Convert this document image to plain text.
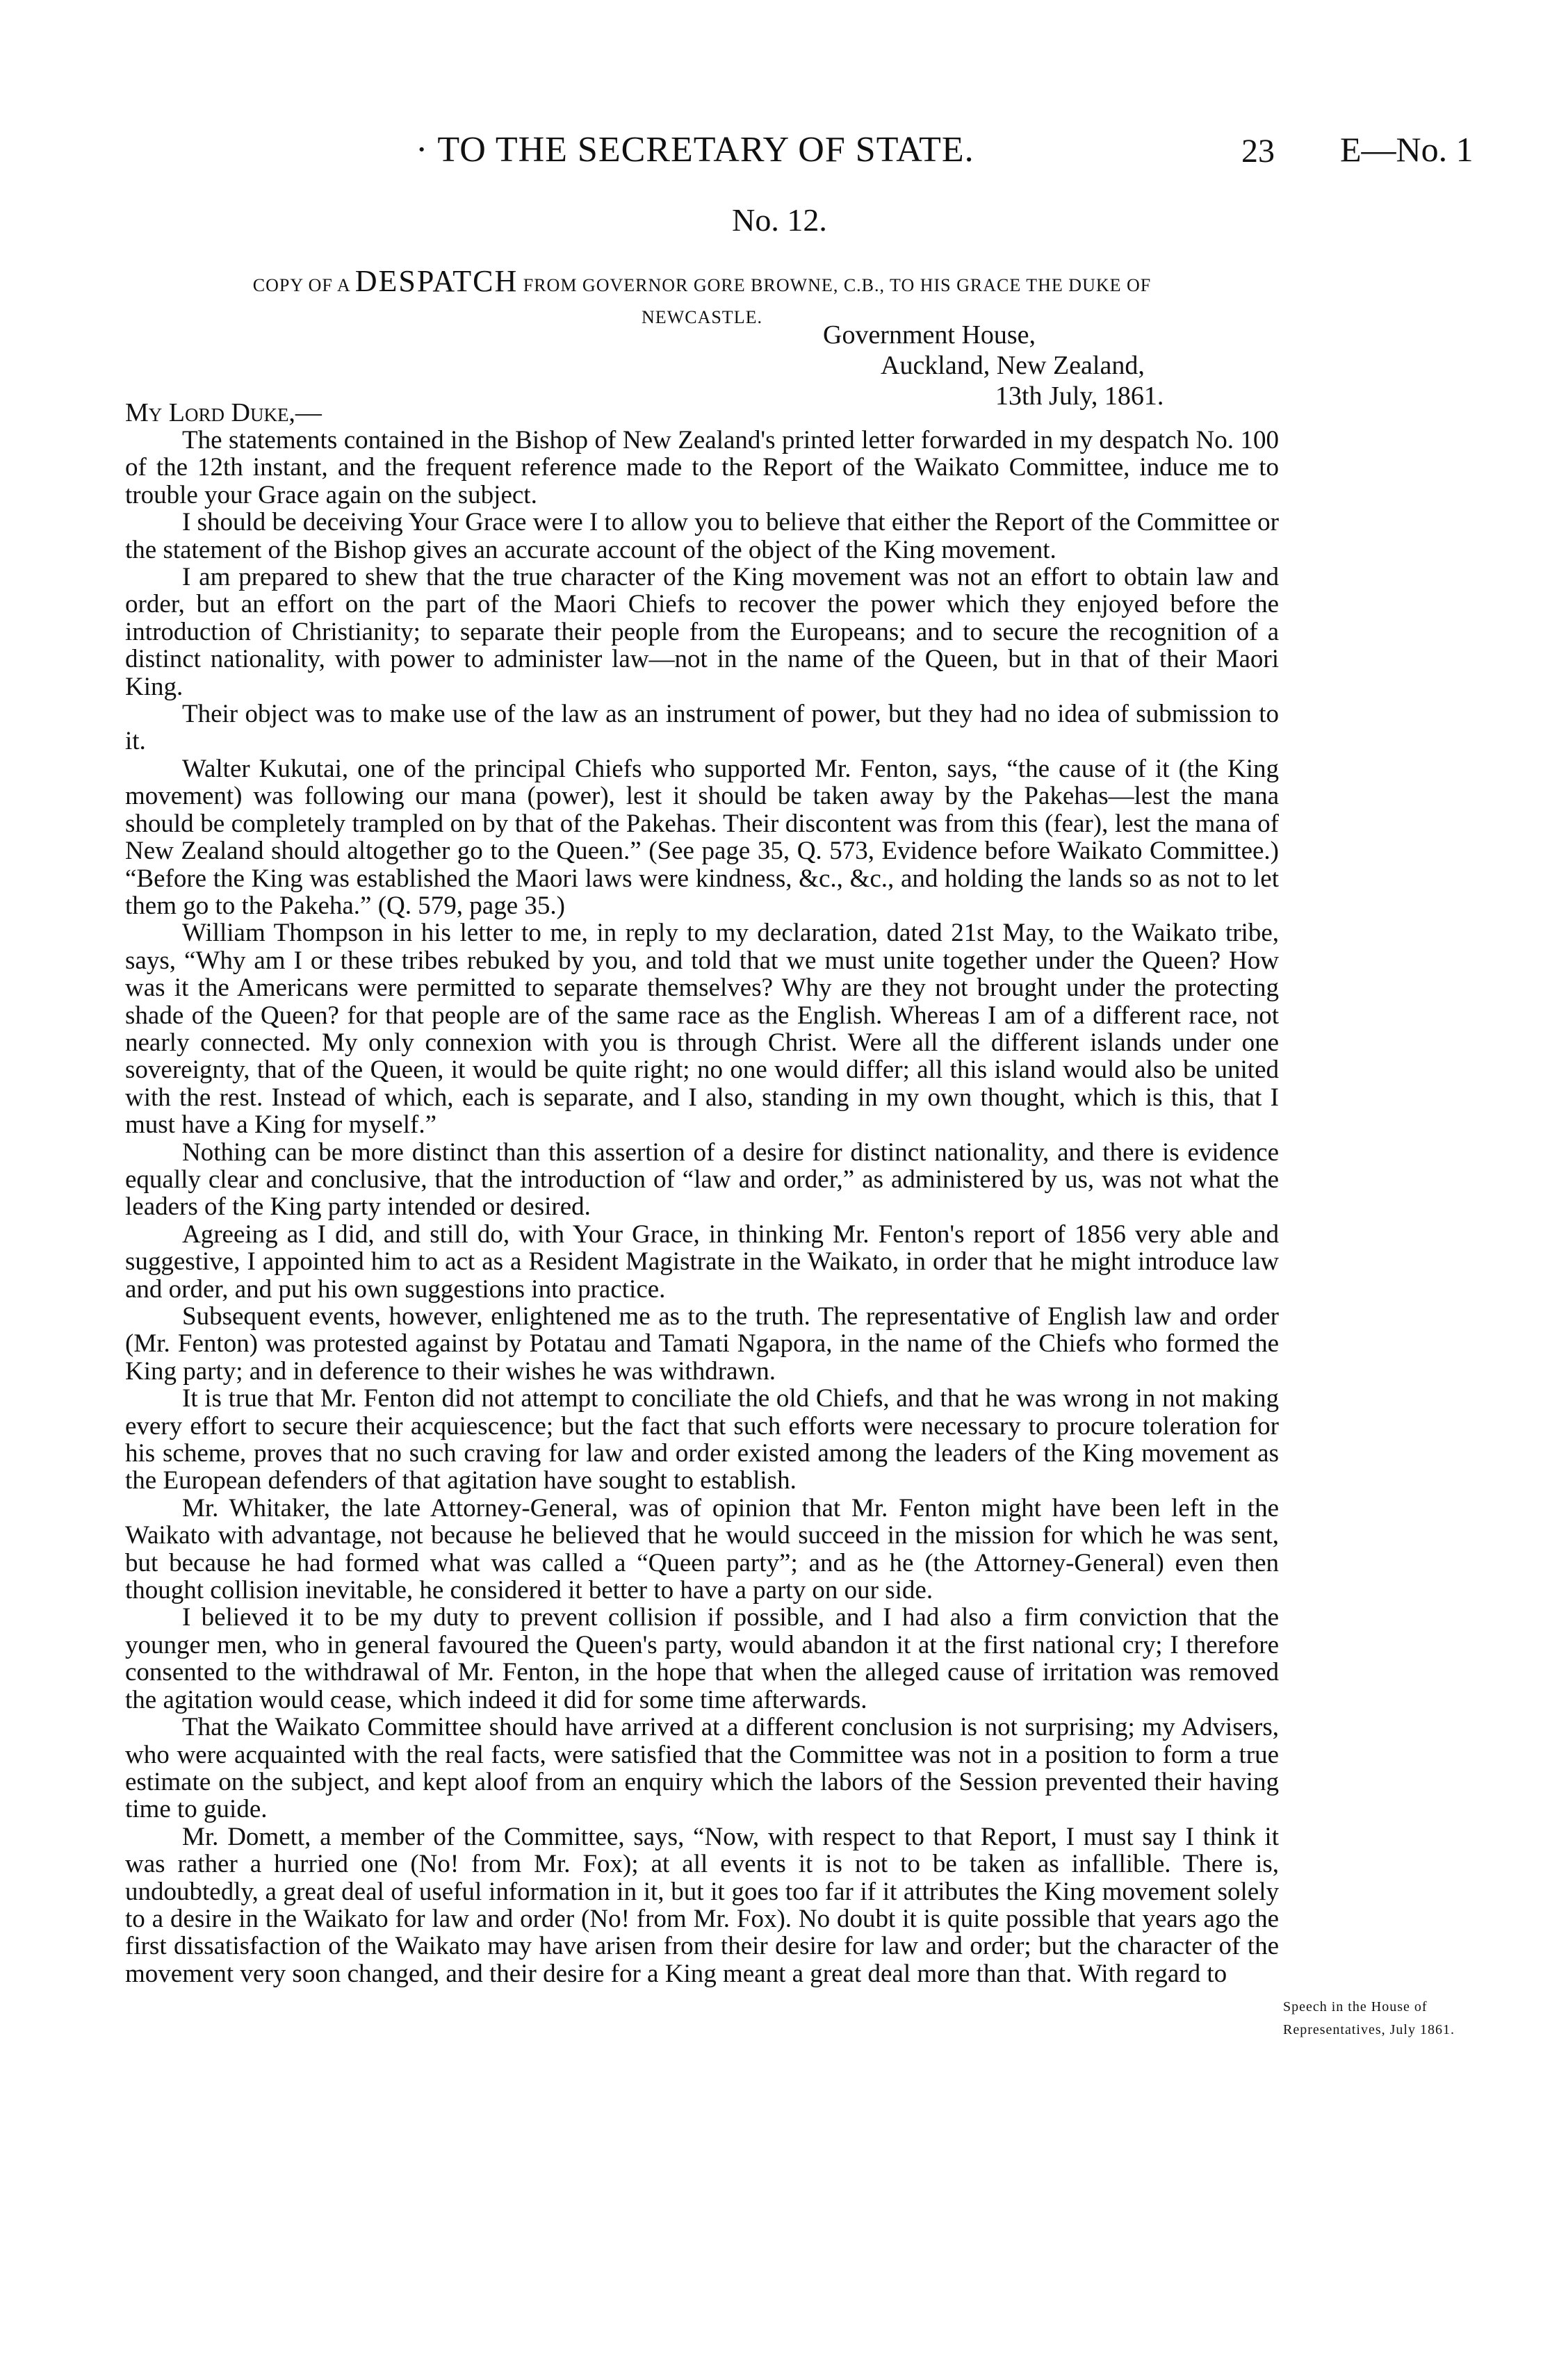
· TO THE SECRETARY OF STATE.	23 E—No. 1
No. 12.
COPY OF A DESPATCH FROM GOVERNOR GORE BROWNE, C.B., TO HIS GRACE THE DUKE OF
NEWCASTLE.
Government House,
Auckland, New Zealand,
13th July, 1861.
My Lord Duke,—

The statements contained in the Bishop of New Zealand's printed letter forwarded in my despatch No. 100 of the 12th instant, and the frequent reference made to the Report of the Waikato Committee, induce me to trouble your Grace again on the subject.

I should be deceiving Your Grace were I to allow you to believe that either the Report of the Committee or the statement of the Bishop gives an accurate account of the object of the King movement.

I am prepared to shew that the true character of the King movement was not an effort to obtain law and order, but an effort on the part of the Maori Chiefs to recover the power which they enjoyed before the introduction of Christianity; to separate their people from the Europeans; and to secure the recognition of a distinct nationality, with power to administer law—not in the name of the Queen, but in that of their Maori King.

Their object was to make use of the law as an instrument of power, but they had no idea of submission to it.

Walter Kukutai, one of the principal Chiefs who supported Mr. Fenton, says, “the cause of it (the King movement) was following our mana (power), lest it should be taken away by the Pakehas—lest the mana should be completely trampled on by that of the Pakehas. Their discontent was from this (fear), lest the mana of New Zealand should altogether go to the Queen.” (See page 35, Q. 573, Evidence before Waikato Committee.) “Before the King was established the Maori laws were kindness, &c., &c., and holding the lands so as not to let them go to the Pakeha.” (Q. 579, page 35.)

William Thompson in his letter to me, in reply to my declaration, dated 21st May, to the Waikato tribe, says, “Why am I or these tribes rebuked by you, and told that we must unite together under the Queen? How was it the Americans were permitted to separate themselves? Why are they not brought under the protecting shade of the Queen? for that people are of the same race as the English. Whereas I am of a different race, not nearly connected. My only connexion with you is through Christ. Were all the different islands under one sovereignty, that of the Queen, it would be quite right; no one would differ; all this island would also be united with the rest. Instead of which, each is separate, and I also, standing in my own thought, which is this, that I must have a King for myself.”

Nothing can be more distinct than this assertion of a desire for distinct nationality, and there is evidence equally clear and conclusive, that the introduction of “law and order,” as administered by us, was not what the leaders of the King party intended or desired.

Agreeing as I did, and still do, with Your Grace, in thinking Mr. Fenton's report of 1856 very able and suggestive, I appointed him to act as a Resident Magistrate in the Waikato, in order that he might introduce law and order, and put his own suggestions into practice.

Subsequent events, however, enlightened me as to the truth. The representative of English law and order (Mr. Fenton) was protested against by Potatau and Tamati Ngapora, in the name of the Chiefs who formed the King party; and in deference to their wishes he was withdrawn.

It is true that Mr. Fenton did not attempt to conciliate the old Chiefs, and that he was wrong in not making every effort to secure their acquiescence; but the fact that such efforts were necessary to procure toleration for his scheme, proves that no such craving for law and order existed among the leaders of the King movement as the European defenders of that agitation have sought to establish.

Mr. Whitaker, the late Attorney-General, was of opinion that Mr. Fenton might have been left in the Waikato with advantage, not because he believed that he would succeed in the mission for which he was sent, but because he had formed what was called a “Queen party”; and as he (the Attorney-General) even then thought collision inevitable, he considered it better to have a party on our side.

I believed it to be my duty to prevent collision if possible, and I had also a firm conviction that the younger men, who in general favoured the Queen's party, would abandon it at the first national cry; I therefore consented to the withdrawal of Mr. Fenton, in the hope that when the alleged cause of irritation was removed the agitation would cease, which indeed it did for some time afterwards.

That the Waikato Committee should have arrived at a different conclusion is not surprising; my Advisers, who were acquainted with the real facts, were satisfied that the Committee was not in a position to form a true estimate on the subject, and kept aloof from an enquiry which the labors of the Session prevented their having time to guide.

Mr. Domett, a member of the Committee, says, “Now, with respect to that Report, I must say I think it was rather a hurried one (No! from Mr. Fox); at all events it is not to be taken as infallible. There is, undoubtedly, a great deal of useful information in it, but it goes too far if it attributes the King movement solely to a desire in the Waikato for law and order (No! from Mr. Fox). No doubt it is quite possible that years ago the first dissatisfaction of the Waikato may have arisen from their desire for law and order; but the character of the movement very soon changed, and their desire for a King meant a great deal more than that. With regard to

Speech in the House of Representatives, July 1861.
